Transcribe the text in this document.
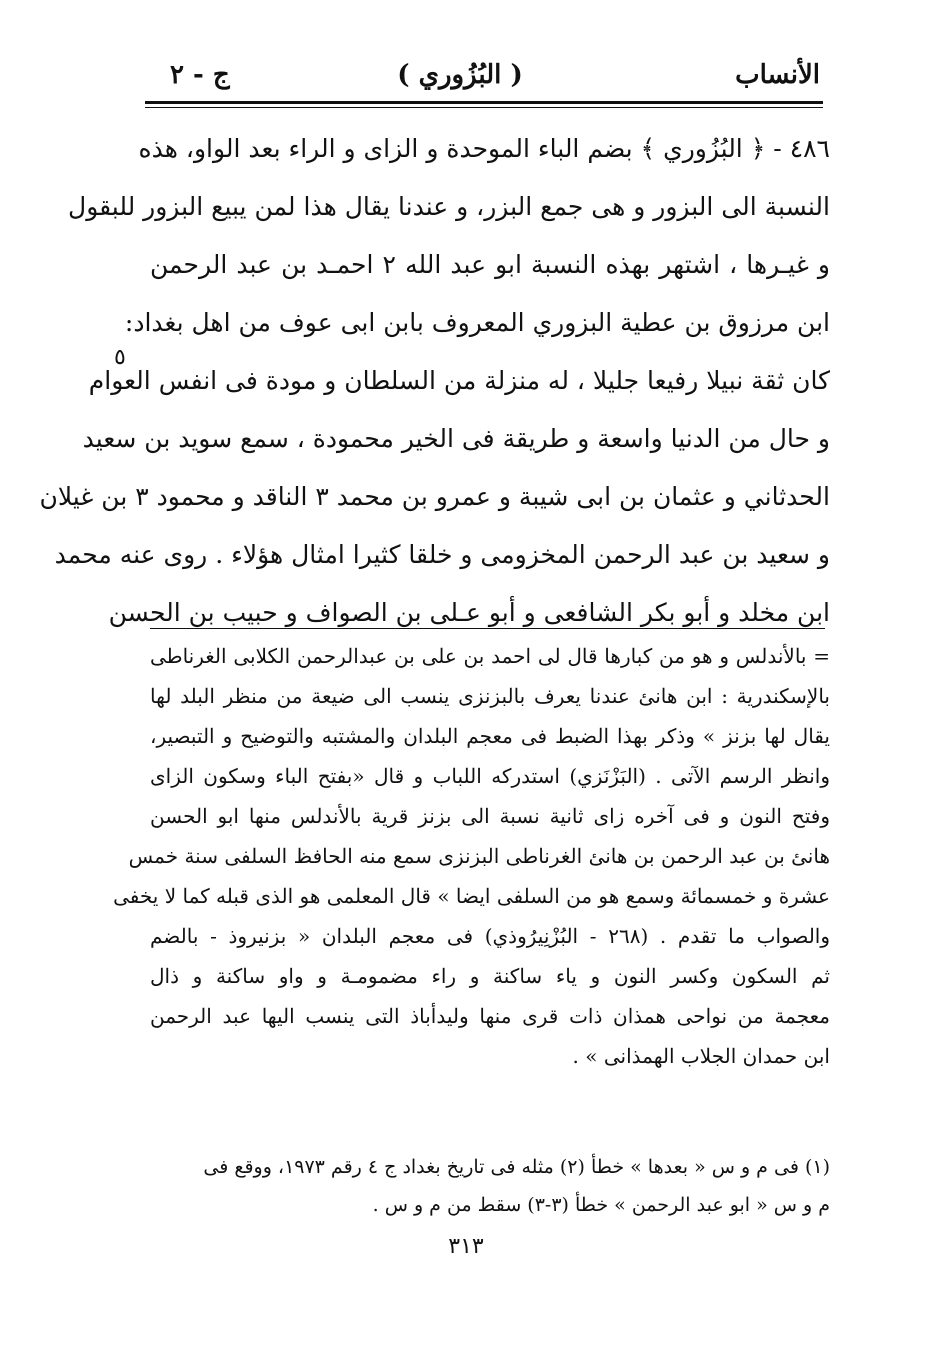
ج - ٢	( البُزُوري )	الأنساب
٤٨٦ - ﴿ البُزُوري ﴾ بضم الباء الموحدة و الزاى و الراء بعد الواو، هذه
النسبة الى البزور و هى جمع البزر، و عندنا يقال هذا لمن يبيع البزور للبقول
و غيـرها ، اشتهر بهذه النسبة ابو عبد الله ٢ احمـد بن عبد الرحمن
ابن مرزوق بن عطية البزوري المعروف بابن ابى عوف من اهل بغداد:
كان ثقة نبيلا رفيعا جليلا ، له منزلة من السلطان و مودة فى انفس العوام
و حال من الدنيا واسعة و طريقة فى الخير محمودة ، سمع سويد بن سعيد
الحدثاني و عثمان بن ابى شيبة و عمرو بن محمد ٣ الناقد و محمود ٣ بن غيلان
و سعيد بن عبد الرحمن المخزومى و خلقا كثيرا امثال هؤلاء . روى عنه محمد
ابن مخلد و أبو بكر الشافعى و أبو عـلى بن الصواف و حبيب بن الحسن
٥
= بالأندلس و هو من كبارها قال لى احمد بن على بن عبدالرحمن الكلابى الغرناطى
بالإسكندرية : ابن هانئ عندنا يعرف بالبزنزى ينسب الى ضيعة من منظر البلد لها
يقال لها بزنز » وذكر بهذا الضبط فى معجم البلدان والمشتبه والتوضيح و التبصير،
وانظر الرسم الآتى . (البَزْنَزي) استدركه اللباب و قال «بفتح الباء وسكون الزاى
وفتح النون و فى آخره زاى ثانية نسبة الى بزنز قرية بالأندلس منها ابو الحسن
هانئ بن عبد الرحمن بن هانئ الغرناطى البزنزى سمع منه الحافظ السلفى سنة خمس
عشرة و خمسمائة وسمع هو من السلفى ايضا » قال المعلمى هو الذى قبله كما لا يخفى
والصواب ما تقدم . (٢٦٨ - البُزْنِيرُوذي) فى معجم البلدان « بزنيروذ - بالضم
ثم السكون وكسر النون و ياء ساكنة و راء مضمومـة و واو ساكنة و ذال
معجمة من نواحى همذان ذات قرى منها وليدأباذ التى ينسب اليها عبد الرحمن
ابن حمدان الجلاب الهمذانى » .
(١) فى م و س « بعدها » خطأ (٢) مثله فى تاريخ بغداد ج ٤ رقم ١٩٧٣، ووقع فى
م و س « ابو عبد الرحمن » خطأ (٣-٣) سقط من م و س .
٣١٣
